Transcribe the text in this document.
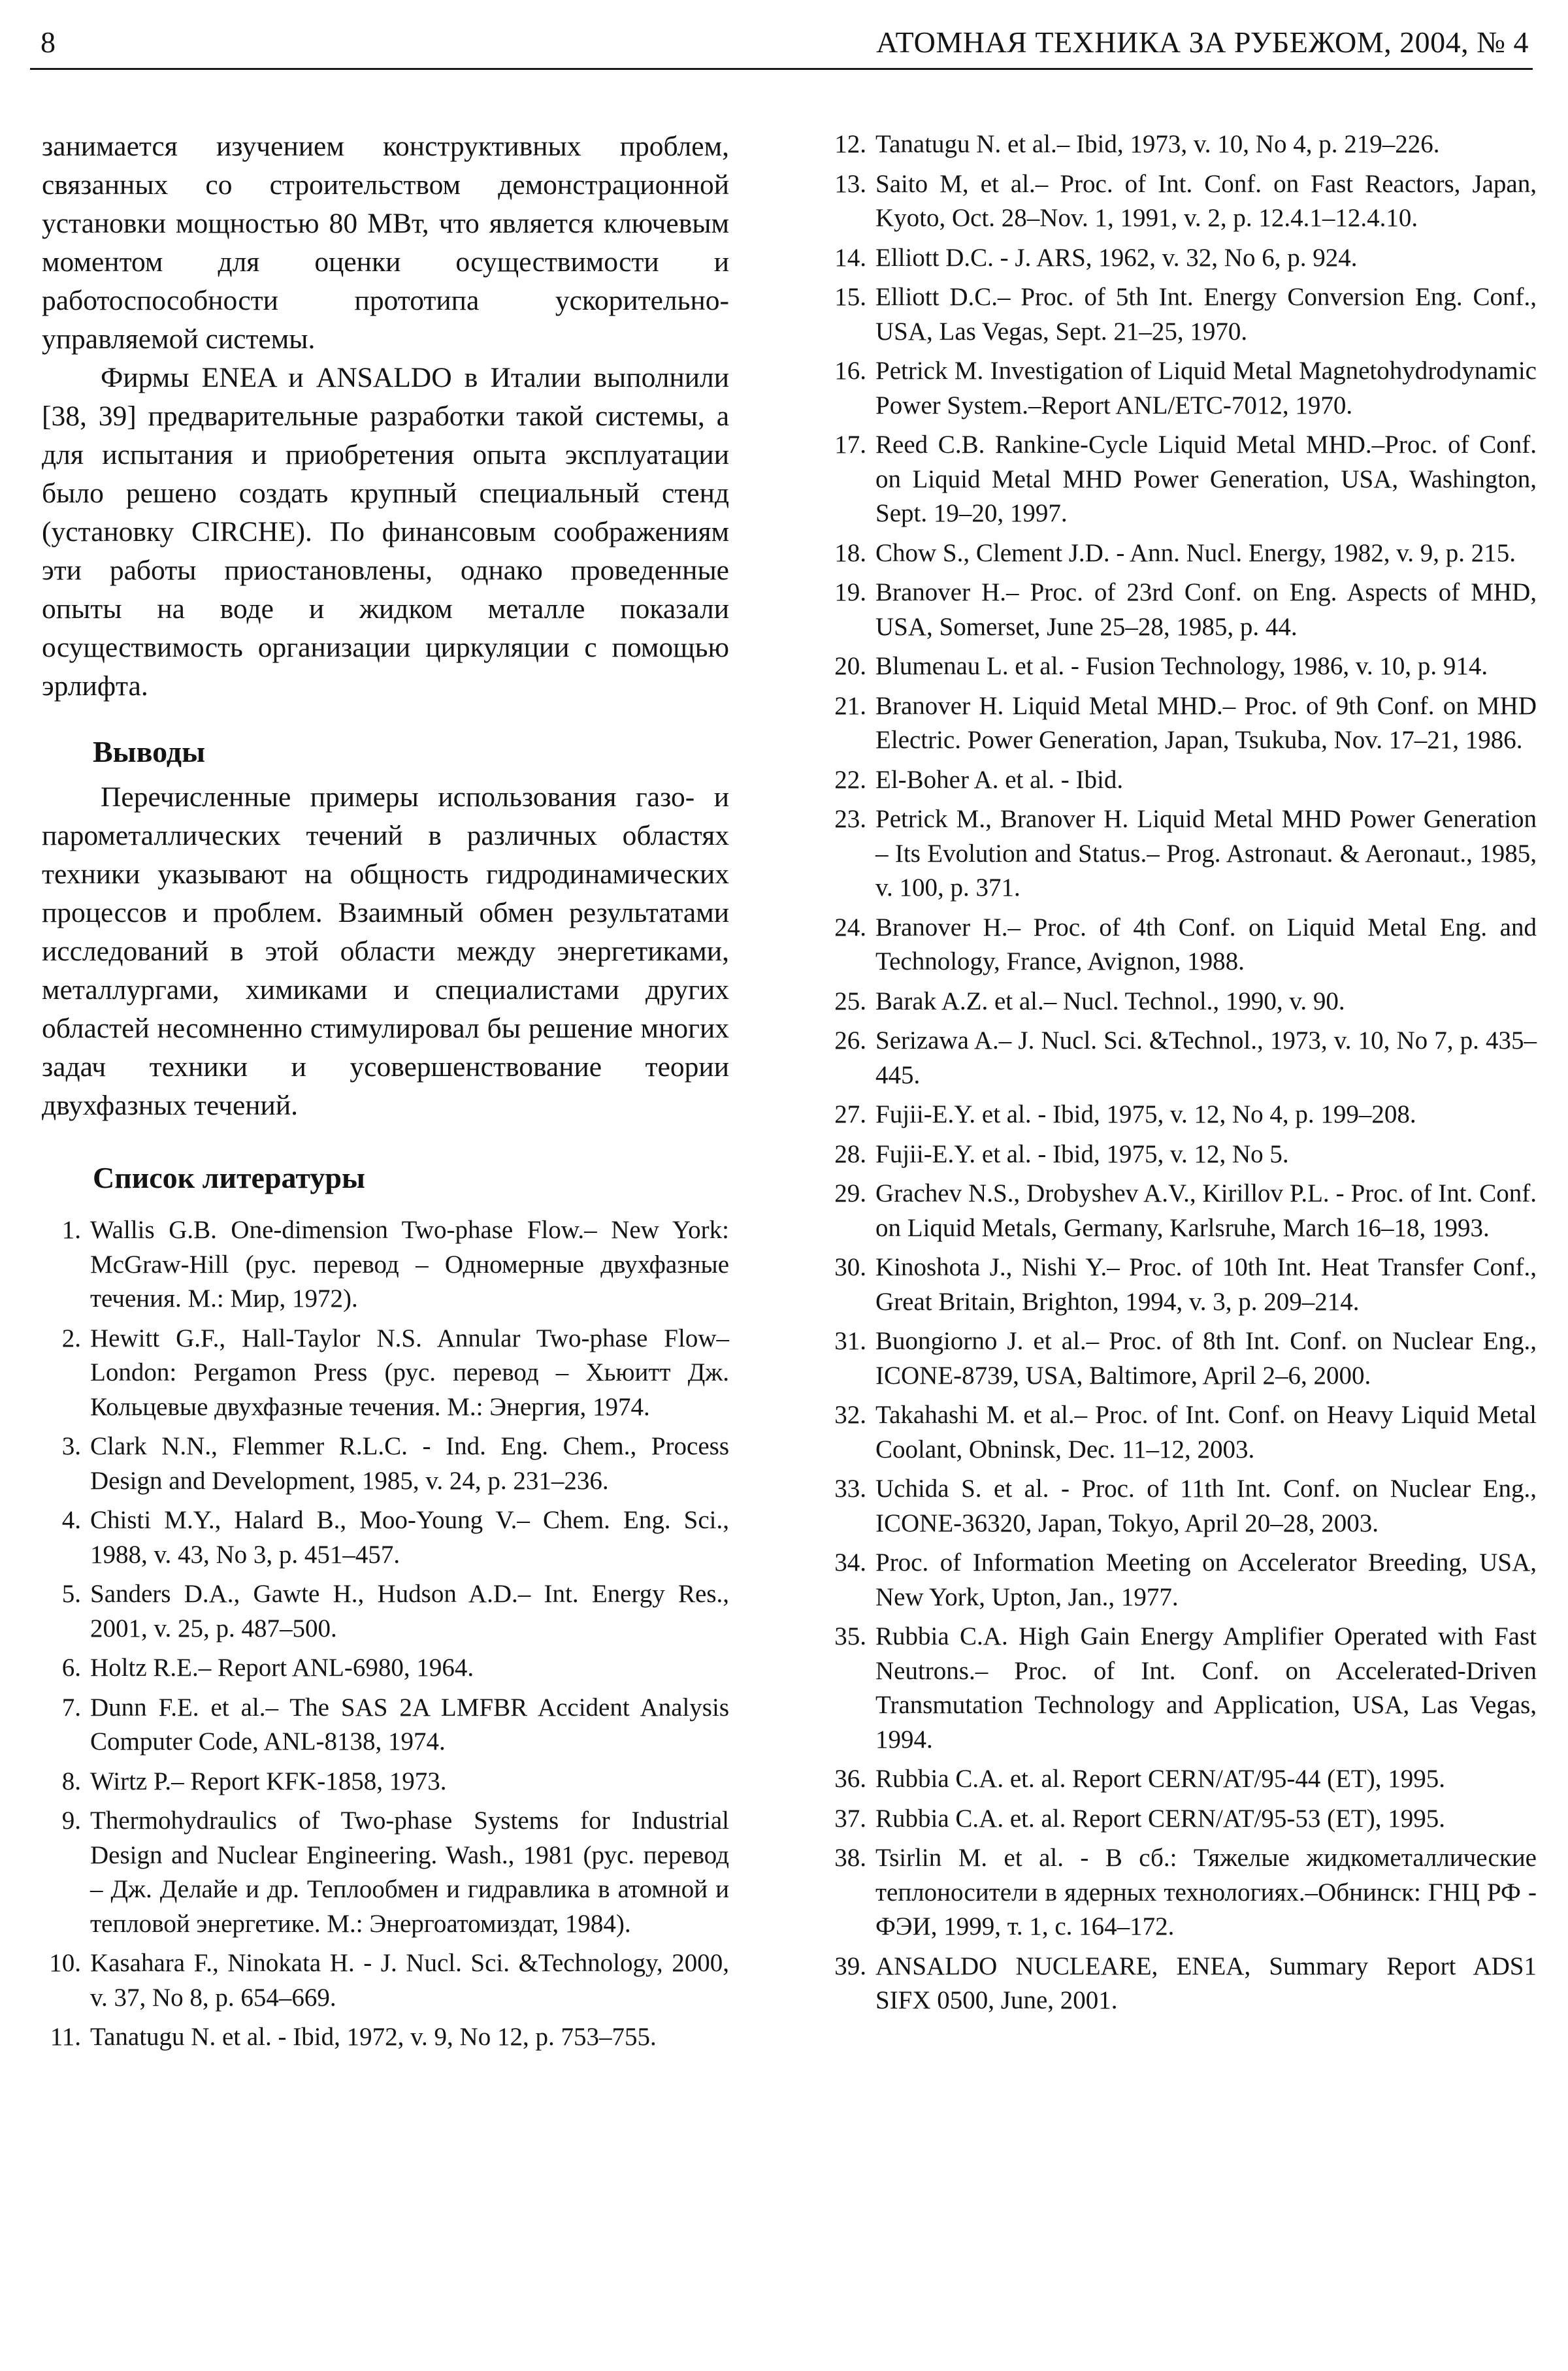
8	АТОМНАЯ ТЕХНИКА ЗА РУБЕЖОМ, 2004, № 4

занимается изучением конструктивных проблем, связанных со строительством демонстрационной установки мощностью 80 МВт, что является ключевым моментом для оценки осуществимости и работоспособности прототипа ускорительно-управляемой системы.

Фирмы ENEA и ANSALDO в Италии выполнили [38, 39] предварительные разработки такой системы, а для испытания и приобретения опыта эксплуатации было решено создать крупный специальный стенд (установку CIRCHE). По финансовым соображениям эти работы приостановлены, однако проведенные опыты на воде и жидком металле показали осуществимость организации циркуляции с помощью эрлифта.

Выводы

Перечисленные примеры использования газо- и парометаллических течений в различных областях техники указывают на общность гидродинамических процессов и проблем. Взаимный обмен результатами исследований в этой области между энергетиками, металлургами, химиками и специалистами других областей несомненно стимулировал бы решение многих задач техники и усовершенствование теории двухфазных течений.

Список литературы
1. Wallis G.B. One-dimension Two-phase Flow.– New York: McGraw-Hill (рус. перевод – Одномерные двухфазные течения. М.: Мир, 1972).
2. Hewitt G.F., Hall-Taylor N.S. Annular Two-phase Flow–London: Pergamon Press (рус. перевод – Хьюитт Дж. Кольцевые двухфазные течения. М.: Энергия, 1974.
3. Clark N.N., Flemmer R.L.C. - Ind. Eng. Chem., Process Design and Development, 1985, v. 24, p. 231–236.
4. Chisti M.Y., Halard B., Moo-Young V.– Chem. Eng. Sci., 1988, v. 43, No 3, p. 451–457.
5. Sanders D.A., Gawte H., Hudson A.D.– Int. Energy Res., 2001, v. 25, p. 487–500.
6. Holtz R.E.– Report ANL-6980, 1964.
7. Dunn F.E. et al.– The SAS 2A LMFBR Accident Analysis Computer Code, ANL-8138, 1974.
8. Wirtz P.– Report KFK-1858, 1973.
9. Thermohydraulics of Two-phase Systems for Industrial Design and Nuclear Engineering. Wash., 1981 (рус. перевод – Дж. Делайе и др. Теплообмен и гидравлика в атомной и тепловой энергетике. М.: Энергоатомиздат, 1984).
10. Kasahara F., Ninokata H. - J. Nucl. Sci. &Technology, 2000, v. 37, No 8, p. 654–669.
11. Tanatugu N. et al. - Ibid, 1972, v. 9, No 12, p. 753–755.
12. Tanatugu N. et al.– Ibid, 1973, v. 10, No 4, p. 219–226.
13. Saito M, et al.– Proc. of Int. Conf. on Fast Reactors, Japan, Kyoto, Oct. 28–Nov. 1, 1991, v. 2, p. 12.4.1–12.4.10.
14. Elliott D.C. - J. ARS, 1962, v. 32, No 6, p. 924.
15. Elliott D.C.– Proc. of 5th Int. Energy Conversion Eng. Conf., USA, Las Vegas, Sept. 21–25, 1970.
16. Petrick M. Investigation of Liquid Metal Magnetohydrodynamic Power System.–Report ANL/ETC-7012, 1970.
17. Reed C.B. Rankine-Cycle Liquid Metal MHD.–Proc. of Conf. on Liquid Metal MHD Power Generation, USA, Washington, Sept. 19–20, 1997.
18. Chow S., Clement J.D. - Ann. Nucl. Energy, 1982, v. 9, p. 215.
19. Branover H.– Proc. of 23rd Conf. on Eng. Aspects of MHD, USA, Somerset, June 25–28, 1985, p. 44.
20. Blumenau L. et al. - Fusion Technology, 1986, v. 10, p. 914.
21. Branover H. Liquid Metal MHD.– Proc. of 9th Conf. on MHD Electric. Power Generation, Japan, Tsukuba, Nov. 17–21, 1986.
22. El-Boher A. et al. - Ibid.
23. Petrick M., Branover H. Liquid Metal MHD Power Generation – Its Evolution and Status.– Prog. Astronaut. & Aeronaut., 1985, v. 100, p. 371.
24. Branover H.– Proc. of 4th Conf. on Liquid Metal Eng. and Technology, France, Avignon, 1988.
25. Barak A.Z. et al.– Nucl. Technol., 1990, v. 90.
26. Serizawa A.– J. Nucl. Sci. &Technol., 1973, v. 10, No 7, p. 435–445.
27. Fujii-E.Y. et al. - Ibid, 1975, v. 12, No 4, p. 199–208.
28. Fujii-E.Y. et al. - Ibid, 1975, v. 12, No 5.
29. Grachev N.S., Drobyshev A.V., Kirillov P.L. - Proc. of Int. Conf. on Liquid Metals, Germany, Karlsruhe, March 16–18, 1993.
30. Kinoshota J., Nishi Y.– Proc. of 10th Int. Heat Transfer Conf., Great Britain, Brighton, 1994, v. 3, p. 209–214.
31. Buongiorno J. et al.– Proc. of 8th Int. Conf. on Nuclear Eng., ICONE-8739, USA, Baltimore, April 2–6, 2000.
32. Takahashi M. et al.– Proc. of Int. Conf. on Heavy Liquid Metal Coolant, Obninsk, Dec. 11–12, 2003.
33. Uchida S. et al. - Proc. of 11th Int. Conf. on Nuclear Eng., ICONE-36320, Japan, Tokyo, April 20–28, 2003.
34. Proc. of Information Meeting on Accelerator Breeding, USA, New York, Upton, Jan., 1977.
35. Rubbia C.A. High Gain Energy Amplifier Operated with Fast Neutrons.– Proc. of Int. Conf. on Accelerated-Driven Transmutation Technology and Application, USA, Las Vegas, 1994.
36. Rubbia C.A. et. al. Report CERN/AT/95-44 (ET), 1995.
37. Rubbia C.A. et. al. Report CERN/AT/95-53 (ET), 1995.
38. Tsirlin M. et al. - В сб.: Тяжелые жидкометаллические теплоносители в ядерных технологиях.–Обнинск: ГНЦ РФ - ФЭИ, 1999, т. 1, с. 164–172.
39. ANSALDO NUCLEARE, ENEA, Summary Report ADS1 SIFX 0500, June, 2001.
